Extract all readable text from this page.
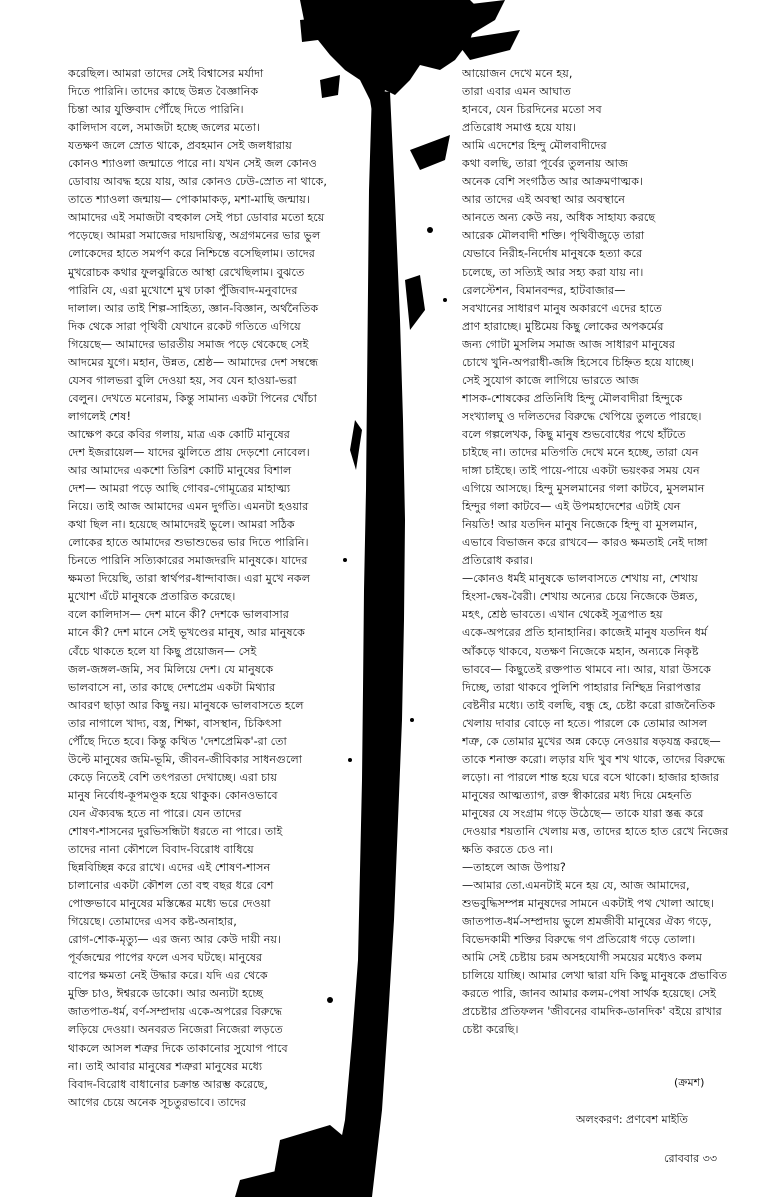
করেছিল। আমরা তাদের সেই বিশ্বাসের মর্যাদা
দিতে পারিনি। তাদের কাছে উন্নত বৈজ্ঞানিক
চিন্তা আর যুক্তিবাদ পৌঁছে দিতে পারিনি।
কালিদাস বলে, সমাজটা হচ্ছে জলের মতো।
যতক্ষণ জলে স্রোত থাকে, প্রবহমান সেই জলধারায়
কোনও শ্যাওলা জন্মাতে পারে না। যখন সেই জল কোনও
ডোবায় আবদ্ধ হয়ে যায়, আর কোনও ঢেউ-স্রোত না থাকে,
তাতে শ্যাওলা জন্মায়— পোকামাকড়, মশা-মাছি জন্মায়।
আমাদের এই সমাজটা বহুকাল সেই পচা ডোবার মতো হয়ে
পড়েছে। আমরা সমাজের দায়দায়িত্ব, অগ্রগমনের ভার ভুল
লোকেদের হাতে সমর্পণ করে নিশ্চিন্তে বসেছিলাম। তাদের
মুখরোচক কথার ফুলঝুরিতে আস্থা রেখেছিলাম। বুঝতে
পারিনি যে, এরা মুখোশে মুখ ঢাকা পুঁজিবাদ-মনুবাদের
দালাল। আর তাই শিল্প-সাহিত্য, জ্ঞান-বিজ্ঞান, অর্থনৈতিক
দিক থেকে সারা পৃথিবী যেখানে রকেট গতিতে এগিয়ে
গিয়েছে— আমাদের ভারতীয় সমাজ পড়ে থেকেছে সেই
আদমের যুগে। মহান, উন্নত, শ্রেষ্ঠ— আমাদের দেশ সম্বন্ধে
যেসব গালভরা বুলি দেওয়া হয়, সব যেন হাওয়া-ভরা
বেলুন। দেখতে মনোরম, কিন্তু সামান্য একটা পিনের খোঁচা
লাগলেই শেষ!
আক্ষেপ করে কবির গলায়, মাত্র এক কোটি মানুষের
দেশ ইজরায়েল— যাদের ঝুলিতে প্রায় দেড়শো নোবেল।
আর আমাদের একশো তিরিশ কোটি মানুষের বিশাল
দেশ— আমরা পড়ে আছি গোবর-গোমূত্রের মাহাত্ম্য
নিয়ে। তাই আজ আমাদের এমন দুর্গতি। এমনটা হওয়ার
কথা ছিল না। হয়েছে আমাদেরই ভুলে। আমরা সঠিক
লোকের হাতে আমাদের শুভাশুভের ভার দিতে পারিনি।
চিনতে পারিনি সত্যিকারের সমাজদরদি মানুষকে। যাদের
ক্ষমতা দিয়েছি, তারা স্বার্থপর-ধান্দাবাজ। এরা মুখে নকল
মুখোশ এঁটে মানুষকে প্রতারিত করেছে।
বলে কালিদাস— দেশ মানে কী? দেশকে ভালবাসার
মানে কী? দেশ মানে সেই ভূখণ্ডের মানুষ, আর মানুষকে
বেঁচে থাকতে হলে যা কিছু প্রয়োজন— সেই
জল-জঙ্গল-জমি, সব মিলিয়ে দেশ। যে মানুষকে
ভালবাসে না, তার কাছে দেশপ্রেম একটা মিথ্যার
আবরণ ছাড়া আর কিছু নয়। মানুষকে ভালবাসতে হলে
তার নাগালে খাদ্য, বস্ত্র, শিক্ষা, বাসস্থান, চিকিৎসা
পৌঁছে দিতে হবে। কিন্তু কথিত 'দেশপ্রেমিক'-রা তো
উল্টে মানুষের জমি-ভূমি, জীবন-জীবিকার সাধনগুলো
কেড়ে নিতেই বেশি তৎপরতা দেখাচ্ছে। এরা চায়
মানুষ নির্বোধ-কূপমণ্ডূক হয়ে থাকুক। কোনওভাবে
যেন ঐক্যবদ্ধ হতে না পারে। যেন তাদের
শোষণ-শাসনের দুরভিসন্ধিটা ধরতে না পারে। তাই
তাদের নানা কৌশলে বিবাদ-বিরোধ বাধিয়ে
ছিন্নবিচ্ছিন্ন করে রাখে। এদের এই শোষণ-শাসন
চালানোর একটা কৌশল তো বহু বছর ধরে বেশ
পোক্তভাবে মানুষের মস্তিষ্কের মধ্যে ভরে দেওয়া
গিয়েছে। তোমাদের এসব কষ্ট-অনাহার,
রোগ-শোক-মৃত্যু— এর জন্য আর কেউ দায়ী নয়।
পূর্বজন্মের পাপের ফলে এসব ঘটছে। মানুষের
বাপের ক্ষমতা নেই উদ্ধার করে। যদি এর থেকে
মুক্তি চাও, ঈশ্বরকে ডাকো। আর অন্যটা হচ্ছে
জাতপাত-ধর্ম, বর্ণ-সম্প্রদায় একে-অপরের বিরুদ্ধে
লড়িয়ে দেওয়া। অনবরত নিজেরা নিজেরা লড়তে
থাকলে আসল শত্রুর দিকে তাকানোর সুযোগ পাবে
না। তাই আবার মানুষের শত্রুরা মানুষের মধ্যে
বিবাদ-বিরোধ বাধানোর চক্রান্ত আরম্ভ করেছে,
আগের চেয়ে অনেক সূচতুরভাবে। তাদের
আয়োজন দেখে মনে হয়,
তারা এবার এমন আঘাত
হানবে, যেন চিরদিনের মতো সব
প্রতিরোধ সমাপ্ত হয়ে যায়।
আমি এদেশের হিন্দু মৌলবাদীদের
কথা বলছি, তারা পূর্বের তুলনায় আজ
অনেক বেশি সংগঠিত আর আক্রমণাত্মক।
আর তাদের এই অবস্থা আর অবস্থানে
আনতে অন্য কেউ নয়, অধিক সাহায্য করছে
আরেক মৌলবাদী শক্তি। পৃথিবীজুড়ে তারা
যেভাবে নিরীহ-নির্দোষ মানুষকে হত্যা করে
চলেছে, তা সত্যিই আর সহ্য করা যায় না।
রেলস্টেশন, বিমানবন্দর, হাটবাজার—
সবখানের সাধারণ মানুষ অকারণে এদের হাতে
প্রাণ হারাচ্ছে। মুষ্টিমেয় কিছু লোকের অপকর্মের
জন্য গোটা মুসলিম সমাজ আজ সাধারণ মানুষের
চোখে খুনি-অপরাধী-জঙ্গি হিসেবে চিহ্নিত হয়ে যাচ্ছে।
সেই সুযোগ কাজে লাগিয়ে ভারতে আজ
শাসক-শোষকের প্রতিনিধি হিন্দু মৌলবাদীরা হিন্দুকে
সংখ্যালঘু ও দলিতদের বিরুদ্ধে খেপিয়ে তুলতে পারছে।
বলে গল্পলেখক, কিছু মানুষ শুভবোধের পথে হাঁটতে
চাইছে না। তাদের মতিগতি দেখে মনে হচ্ছে, তারা যেন
দাঙ্গা চাইছে। তাই পায়ে-পায়ে একটা ভয়ংকর সময় যেন
এগিয়ে আসছে। হিন্দু মুসলমানের গলা কাটবে, মুসলমান
হিন্দুর গলা কাটবে— এই উপমহাদেশের এটাই যেন
নিয়তি! আর যতদিন মানুষ নিজেকে হিন্দু বা মুসলমান,
এভাবে বিভাজন করে রাখবে— কারও ক্ষমতাই নেই দাঙ্গা
প্রতিরোধ করার।
—কোনও ধর্মই মানুষকে ভালবাসতে শেখায় না, শেখায়
হিংসা-দ্বেষ-বৈরী। শেখায় অন্যের চেয়ে নিজেকে উন্নত,
মহৎ, শ্রেষ্ঠ ভাবতে। এখান থেকেই সূত্রপাত হয়
একে-অপরের প্রতি হানাহানির। কাজেই মানুষ যতদিন ধর্ম
আঁকড়ে থাকবে, যতক্ষণ নিজেকে মহান, অন্যকে নিকৃষ্ট
ভাববে— কিছুতেই রক্তপাত থামবে না। আর, যারা উসকে
দিচ্ছে, তারা থাকবে পুলিশি পাহারার নিশ্ছিদ্র নিরাপত্তার
বেষ্টনীর মধ্যে। তাই বলছি, বন্ধু হে, চেষ্টা করো রাজনৈতিক
খেলায় দাবার বোড়ে না হতে। পারলে কে তোমার আসল
শত্রু, কে তোমার মুখের অন্ন কেড়ে নেওয়ার ষড়যন্ত্র করছে—
তাকে শনাক্ত করো। লড়ার যদি খুব শখ থাকে, তাদের বিরুদ্ধে
লড়ো। না পারলে শান্ত হয়ে ঘরে বসে থাকো। হাজার হাজার
মানুষের আত্মত্যাগ, রক্ত স্বীকারের মধ্য দিয়ে মেহনতি
মানুষের যে সংগ্রাম গড়ে উঠেছে— তাকে যারা স্তব্ধ করে
দেওয়ার শয়তানি খেলায় মত্ত, তাদের হাতে হাত রেখে নিজের
ক্ষতি করতে চেও না।
—তাহলে আজ উপায়?
—আমার তো.এমনটাই মনে হয় যে, আজ আমাদের,
শুভবুদ্ধিসম্পন্ন মানুষদের সামনে একটাই পথ খোলা আছে।
জাতপাত-ধর্ম-সম্প্রদায় ভুলে শ্রমজীবী মানুষের ঐক্য গড়ে,
বিভেদকামী শক্তির বিরুদ্ধে গণ প্রতিরোধ গড়ে তোলা।
আমি সেই চেষ্টায় চরম অসহযোগী সময়ের মধ্যেও কলম
চালিয়ে যাচ্ছি। আমার লেখা দ্বারা যদি কিছু মানুষকে প্রভাবিত
করতে পারি, জানব আমার কলম-পেষা সার্থক হয়েছে। সেই
প্রচেষ্টার প্রতিফলন 'জীবনের বামদিক-ডানদিক' বইয়ে রাখার
চেষ্টা করেছি।
(ক্রমশ)
অলংকরণ: প্রণবেশ মাইতি
রোববার ৩৩
